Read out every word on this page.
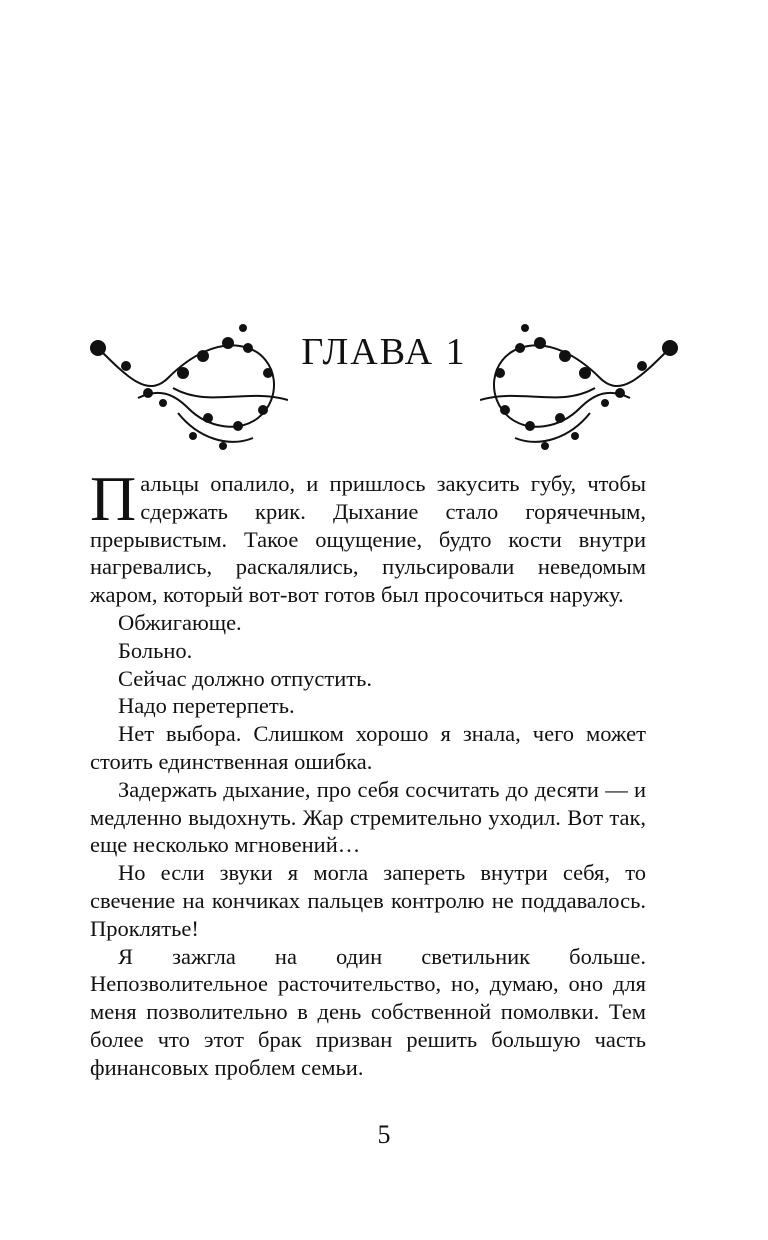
ГЛАВА 1

Пальцы опалило, и пришлось закусить губу, чтобы сдержать крик. Дыхание стало горячечным, прерывистым. Такое ощущение, будто кости внутри нагревались, раскалялись, пульсировали неведомым жаром, который вот-вот готов был просочиться наружу.

Обжигающе.

Больно.

Сейчас должно отпустить.

Надо перетерпеть.

Нет выбора. Слишком хорошо я знала, чего может стоить единственная ошибка.

Задержать дыхание, про себя сосчитать до десяти — и медленно выдохнуть. Жар стремительно уходил. Вот так, еще несколько мгновений…

Но если звуки я могла запереть внутри себя, то свечение на кончиках пальцев контролю не поддавалось. Проклятье!

Я зажгла на один светильник больше. Непозволительное расточительство, но, думаю, оно для меня позволительно в день собственной помолвки. Тем более что этот брак призван решить большую часть финансовых проблем семьи.

5
